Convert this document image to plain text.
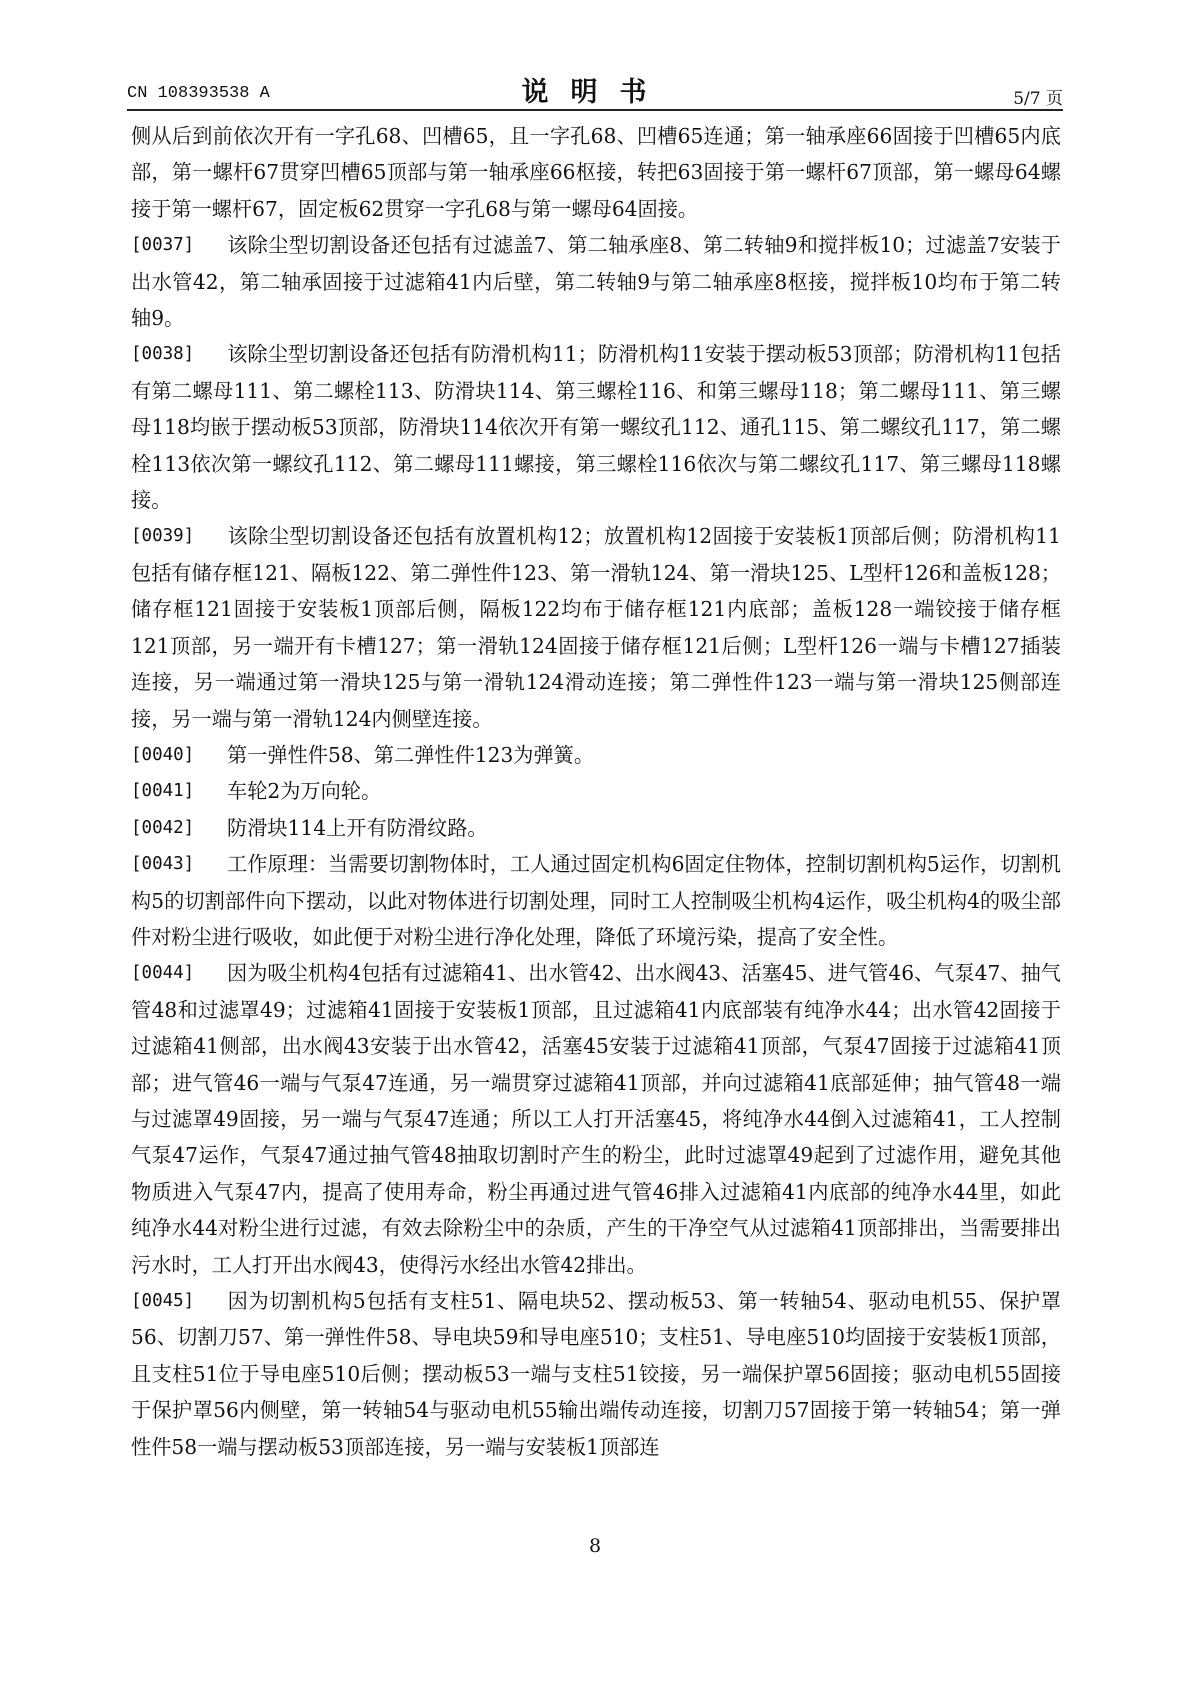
CN 108393538 A	说明书	5/7 页

侧从后到前依次开有一字孔68、凹槽65，且一字孔68、凹槽65连通；第一轴承座66固接于凹槽65内底部，第一螺杆67贯穿凹槽65顶部与第一轴承座66枢接，转把63固接于第一螺杆67顶部，第一螺母64螺接于第一螺杆67，固定板62贯穿一字孔68与第一螺母64固接。

[0037]	该除尘型切割设备还包括有过滤盖7、第二轴承座8、第二转轴9和搅拌板10；过滤盖7安装于出水管42，第二轴承固接于过滤箱41内后壁，第二转轴9与第二轴承座8枢接，搅拌板10均布于第二转轴9。

[0038]	该除尘型切割设备还包括有防滑机构11；防滑机构11安装于摆动板53顶部；防滑机构11包括有第二螺母111、第二螺栓113、防滑块114、第三螺栓116、和第三螺母118；第二螺母111、第三螺母118均嵌于摆动板53顶部，防滑块114依次开有第一螺纹孔112、通孔115、第二螺纹孔117，第二螺栓113依次第一螺纹孔112、第二螺母111螺接，第三螺栓116依次与第二螺纹孔117、第三螺母118螺接。

[0039]	该除尘型切割设备还包括有放置机构12；放置机构12固接于安装板1顶部后侧；防滑机构11包括有储存框121、隔板122、第二弹性件123、第一滑轨124、第一滑块125、L型杆126和盖板128；储存框121固接于安装板1顶部后侧，隔板122均布于储存框121内底部；盖板128一端铰接于储存框121顶部，另一端开有卡槽127；第一滑轨124固接于储存框121后侧；L型杆126一端与卡槽127插装连接，另一端通过第一滑块125与第一滑轨124滑动连接；第二弹性件123一端与第一滑块125侧部连接，另一端与第一滑轨124内侧壁连接。

[0040]	第一弹性件58、第二弹性件123为弹簧。

[0041]	车轮2为万向轮。

[0042]	防滑块114上开有防滑纹路。

[0043]	工作原理：当需要切割物体时，工人通过固定机构6固定住物体，控制切割机构5运作，切割机构5的切割部件向下摆动，以此对物体进行切割处理，同时工人控制吸尘机构4运作，吸尘机构4的吸尘部件对粉尘进行吸收，如此便于对粉尘进行净化处理，降低了环境污染，提高了安全性。

[0044]	因为吸尘机构4包括有过滤箱41、出水管42、出水阀43、活塞45、进气管46、气泵47、抽气管48和过滤罩49；过滤箱41固接于安装板1顶部，且过滤箱41内底部装有纯净水44；出水管42固接于过滤箱41侧部，出水阀43安装于出水管42，活塞45安装于过滤箱41顶部，气泵47固接于过滤箱41顶部；进气管46一端与气泵47连通，另一端贯穿过滤箱41顶部，并向过滤箱41底部延伸；抽气管48一端与过滤罩49固接，另一端与气泵47连通；所以工人打开活塞45，将纯净水44倒入过滤箱41，工人控制气泵47运作，气泵47通过抽气管48抽取切割时产生的粉尘，此时过滤罩49起到了过滤作用，避免其他物质进入气泵47内，提高了使用寿命，粉尘再通过进气管46排入过滤箱41内底部的纯净水44里，如此纯净水44对粉尘进行过滤，有效去除粉尘中的杂质，产生的干净空气从过滤箱41顶部排出，当需要排出污水时，工人打开出水阀43，使得污水经出水管42排出。

[0045]	因为切割机构5包括有支柱51、隔电块52、摆动板53、第一转轴54、驱动电机55、保护罩56、切割刀57、第一弹性件58、导电块59和导电座510；支柱51、导电座510均固接于安装板1顶部，且支柱51位于导电座510后侧；摆动板53一端与支柱51铰接，另一端保护罩56固接；驱动电机55固接于保护罩56内侧壁，第一转轴54与驱动电机55输出端传动连接，切割刀57固接于第一转轴54；第一弹性件58一端与摆动板53顶部连接，另一端与安装板1顶部连

8
